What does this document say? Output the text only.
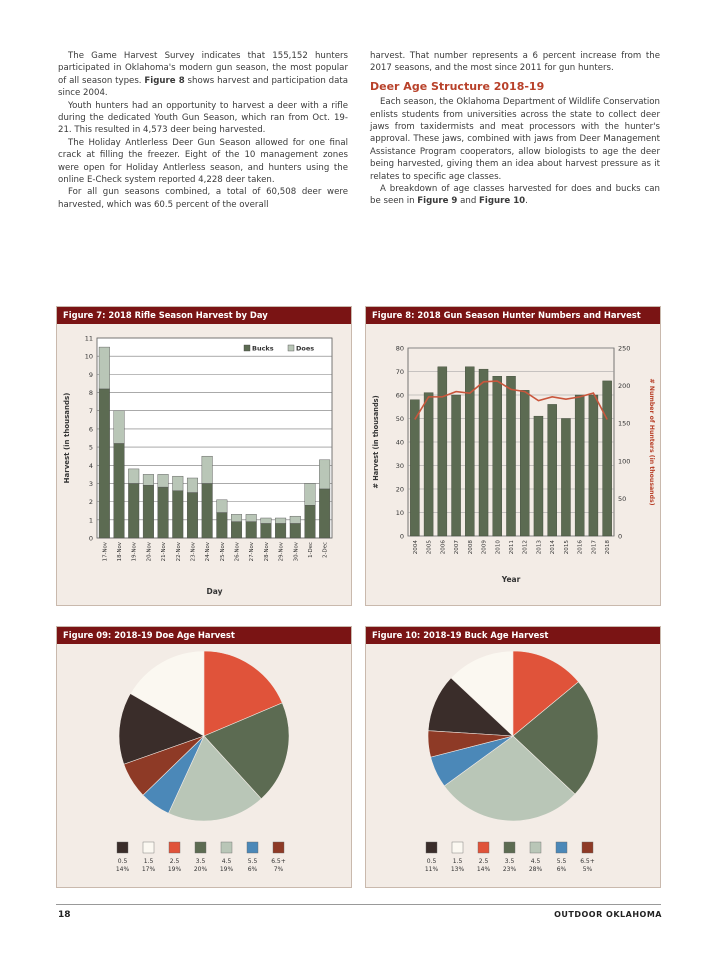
The Game Harvest Survey indicates that 155,152 hunters participated in Oklahoma's modern gun season, the most popular of all season types. Figure 8 shows harvest and participation data since 2004.

Youth hunters had an opportunity to harvest a deer with a rifle during the dedicated Youth Gun Season, which ran from Oct. 19-21. This resulted in 4,573 deer being harvested.

The Holiday Antlerless Deer Gun Season allowed for one final crack at filling the freezer. Eight of the 10 management zones were open for Holiday Antlerless season, and hunters using the online E-Check system reported 4,228 deer taken.

For all gun seasons combined, a total of 60,508 deer were harvested, which was 60.5 percent of the overall

harvest. That number represents a 6 percent increase from the 2017 seasons, and the most since 2011 for gun hunters.

Deer Age Structure 2018-19

Each season, the Oklahoma Department of Wildlife Conservation enlists students from universities across the state to collect deer jaws from taxidermists and meat processors with the hunter's approval. These jaws, combined with jaws from Deer Management Assistance Program cooperators, allow biologists to age the deer being harvested, giving them an idea about harvest pressure as it relates to specific age classes.

A breakdown of age classes harvested for does and bucks can be seen in Figure 9 and Figure 10.

Figure 7: 2018 Rifle Season Harvest by Day
0
1
2
3
4
5
6
7
8
9
10
11
17-Nov 18-Nov 19-Nov 20-Nov 21-Nov 22-Nov 23-Nov 24-Nov 25-Nov 26-Nov 27-Nov 28-Nov 29-Nov 30-Nov 1-Dec 2-Dec
Day
Harvest (in thousands)
Bucks	Does
Figure 8: 2018 Gun Season Hunter Numbers and Harvest
0
10
20
30
40
50
60
70
80
0
50
100
150
200
250
2004 2005 2006 2007 2008 2009 2010 2011 2012 2013 2014 2015 2016 2017 2018
Year
# Harvest (in thousands)	# Number of Hunters (in thousands)
Figure 09: 2018-19 Doe Age Harvest
0.5
14%
1.5
17%
2.5
19%
3.5
20%
4.5
19%
5.5
6%
6.5+
7%
Figure 10: 2018-19 Buck Age Harvest
0.5
11%
1.5
13%
2.5
14%
3.5
23%
4.5
28%
5.5
6%
6.5+
5%
18	OUTDOOR OKLAHOMA
